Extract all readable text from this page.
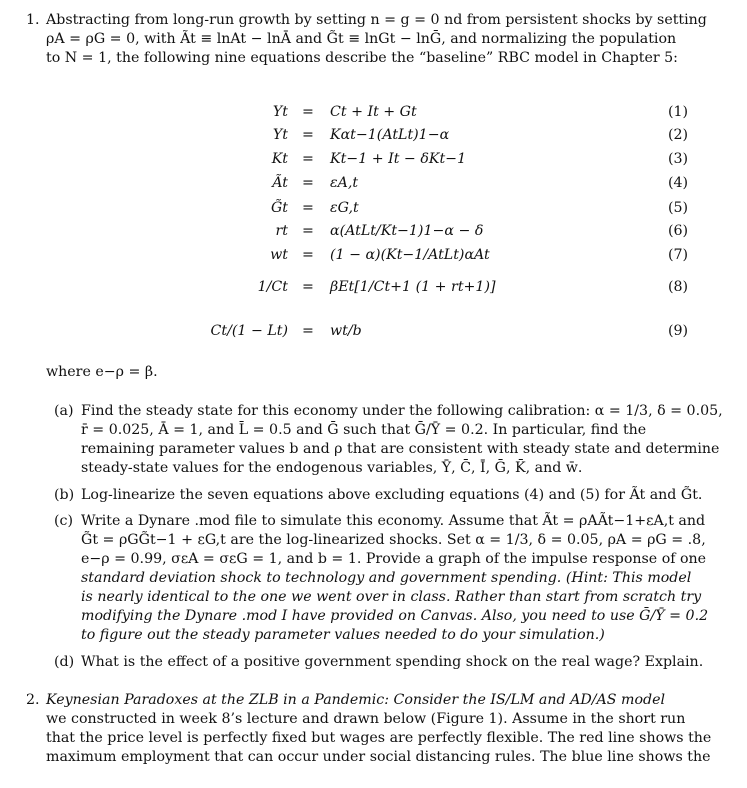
1. Abstracting from long-run growth by setting n = g = 0 nd from persistent shocks by setting
ρA = ρG = 0, with Ãt ≡ lnAt − lnĀ and G̃t ≡ lnGt − lnḠ, and normalizing the population
to N = 1, the following nine equations describe the “baseline” RBC model in Chapter 5:
Yt = Ct + It + Gt	(1)
Yt = Kαt−1(AtLt)1−α	(2)
Kt = Kt−1 + It − δKt−1	(3)
Ãt = εA,t	(4)
G̃t = εG,t	(5)
rt = α(AtLt/Kt−1)1−α − δ	(6)
wt = (1 − α)(Kt−1/AtLt)αAt	(7)
1/Ct = βEt[1/Ct+1 (1 + rt+1)]	(8)
Ct/(1 − Lt) = wt/b	(9)
where e−ρ = β.
(a) Find the steady state for this economy under the following calibration: α = 1/3, δ = 0.05,
r̄ = 0.025, Ā = 1, and L̄ = 0.5 and Ḡ such that Ḡ/Ȳ = 0.2. In particular, find the
remaining parameter values b and ρ that are consistent with steady state and determine
steady-state values for the endogenous variables, Ȳ, C̄, Ī, Ḡ, K̄, and w̄.
(b) Log-linearize the seven equations above excluding equations (4) and (5) for Ãt and G̃t.
(c) Write a Dynare .mod file to simulate this economy. Assume that Ãt = ρAÃt−1+εA,t and
G̃t = ρGG̃t−1 + εG,t are the log-linearized shocks. Set α = 1/3, δ = 0.05, ρA = ρG = .8,
e−ρ = 0.99, σεA = σεG = 1, and b = 1. Provide a graph of the impulse response of one
standard deviation shock to technology and government spending. (Hint: This model
is nearly identical to the one we went over in class. Rather than start from scratch try
modifying the Dynare .mod I have provided on Canvas. Also, you need to use Ḡ/Ȳ = 0.2
to figure out the steady parameter values needed to do your simulation.)
(d) What is the effect of a positive government spending shock on the real wage? Explain.
2. Keynesian Paradoxes at the ZLB in a Pandemic: Consider the IS/LM and AD/AS model
we constructed in week 8’s lecture and drawn below (Figure 1). Assume in the short run
that the price level is perfectly fixed but wages are perfectly flexible. The red line shows the
maximum employment that can occur under social distancing rules. The blue line shows the
